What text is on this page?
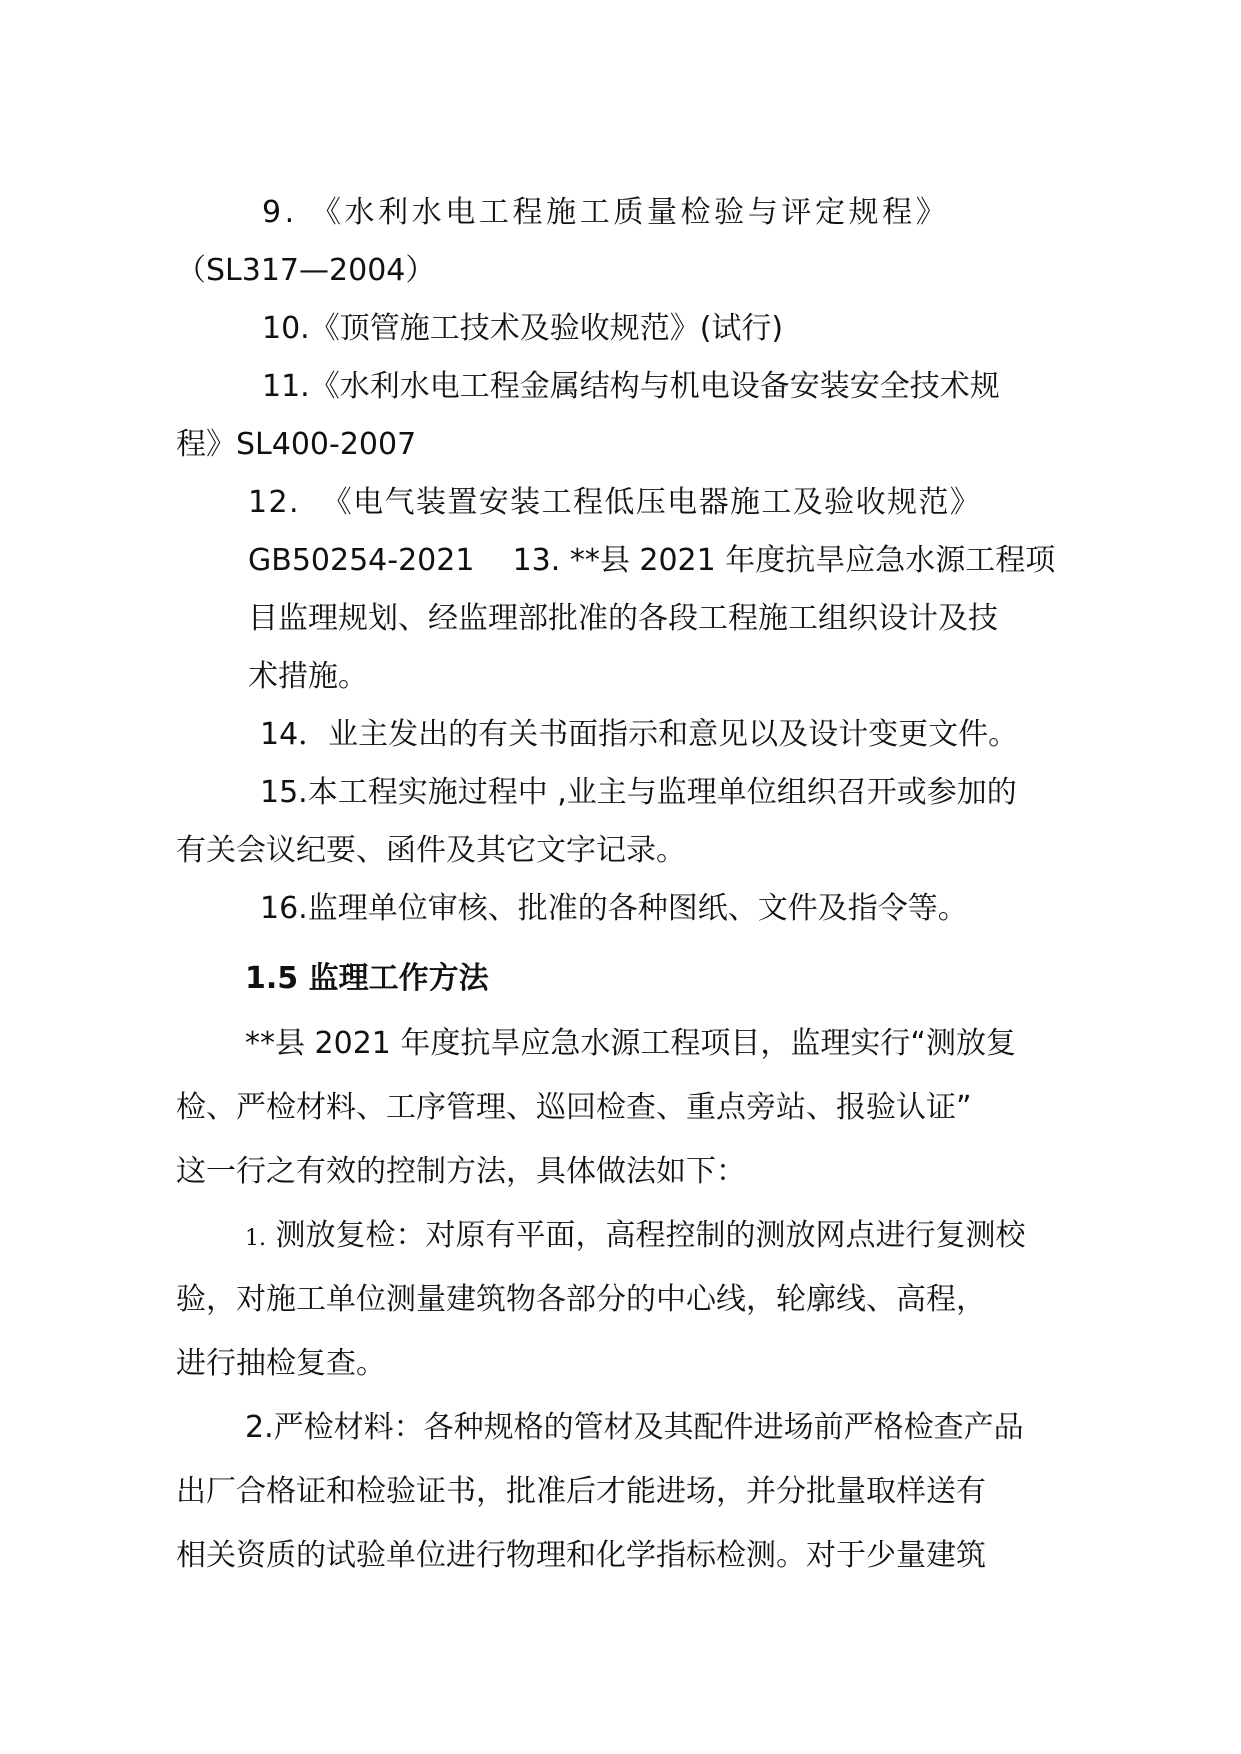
9. 《水利水电工程施工质量检验与评定规程》
（SL317—2004）
10.《顶管施工技术及验收规范》(试行)
11.《水利水电工程金属结构与机电设备安装安全技术规
程》SL400-2007
12.  《电气装置安装工程低压电器施工及验收规范》
GB50254-2021    13. **县 2021 年度抗旱应急水源工程项
目监理规划、经监理部批准的各段工程施工组织设计及技
术措施。
14．业主发出的有关书面指示和意见以及设计变更文件。
15.本工程实施过程中 ,业主与监理单位组织召开或参加的
有关会议纪要、函件及其它文字记录。
16.监理单位审核、批准的各种图纸、文件及指令等。
1.5 监理工作方法
**县 2021 年度抗旱应急水源工程项目，监理实行“测放复
检、严检材料、工序管理、巡回检查、重点旁站、报验认证”
这一行之有效的控制方法，具体做法如下：
1. 测放复检：对原有平面，高程控制的测放网点进行复测校
验，对施工单位测量建筑物各部分的中心线，轮廓线、高程，
进行抽检复查。
2.严检材料：各种规格的管材及其配件进场前严格检查产品
出厂合格证和检验证书，批准后才能进场，并分批量取样送有
相关资质的试验单位进行物理和化学指标检测。对于少量建筑
